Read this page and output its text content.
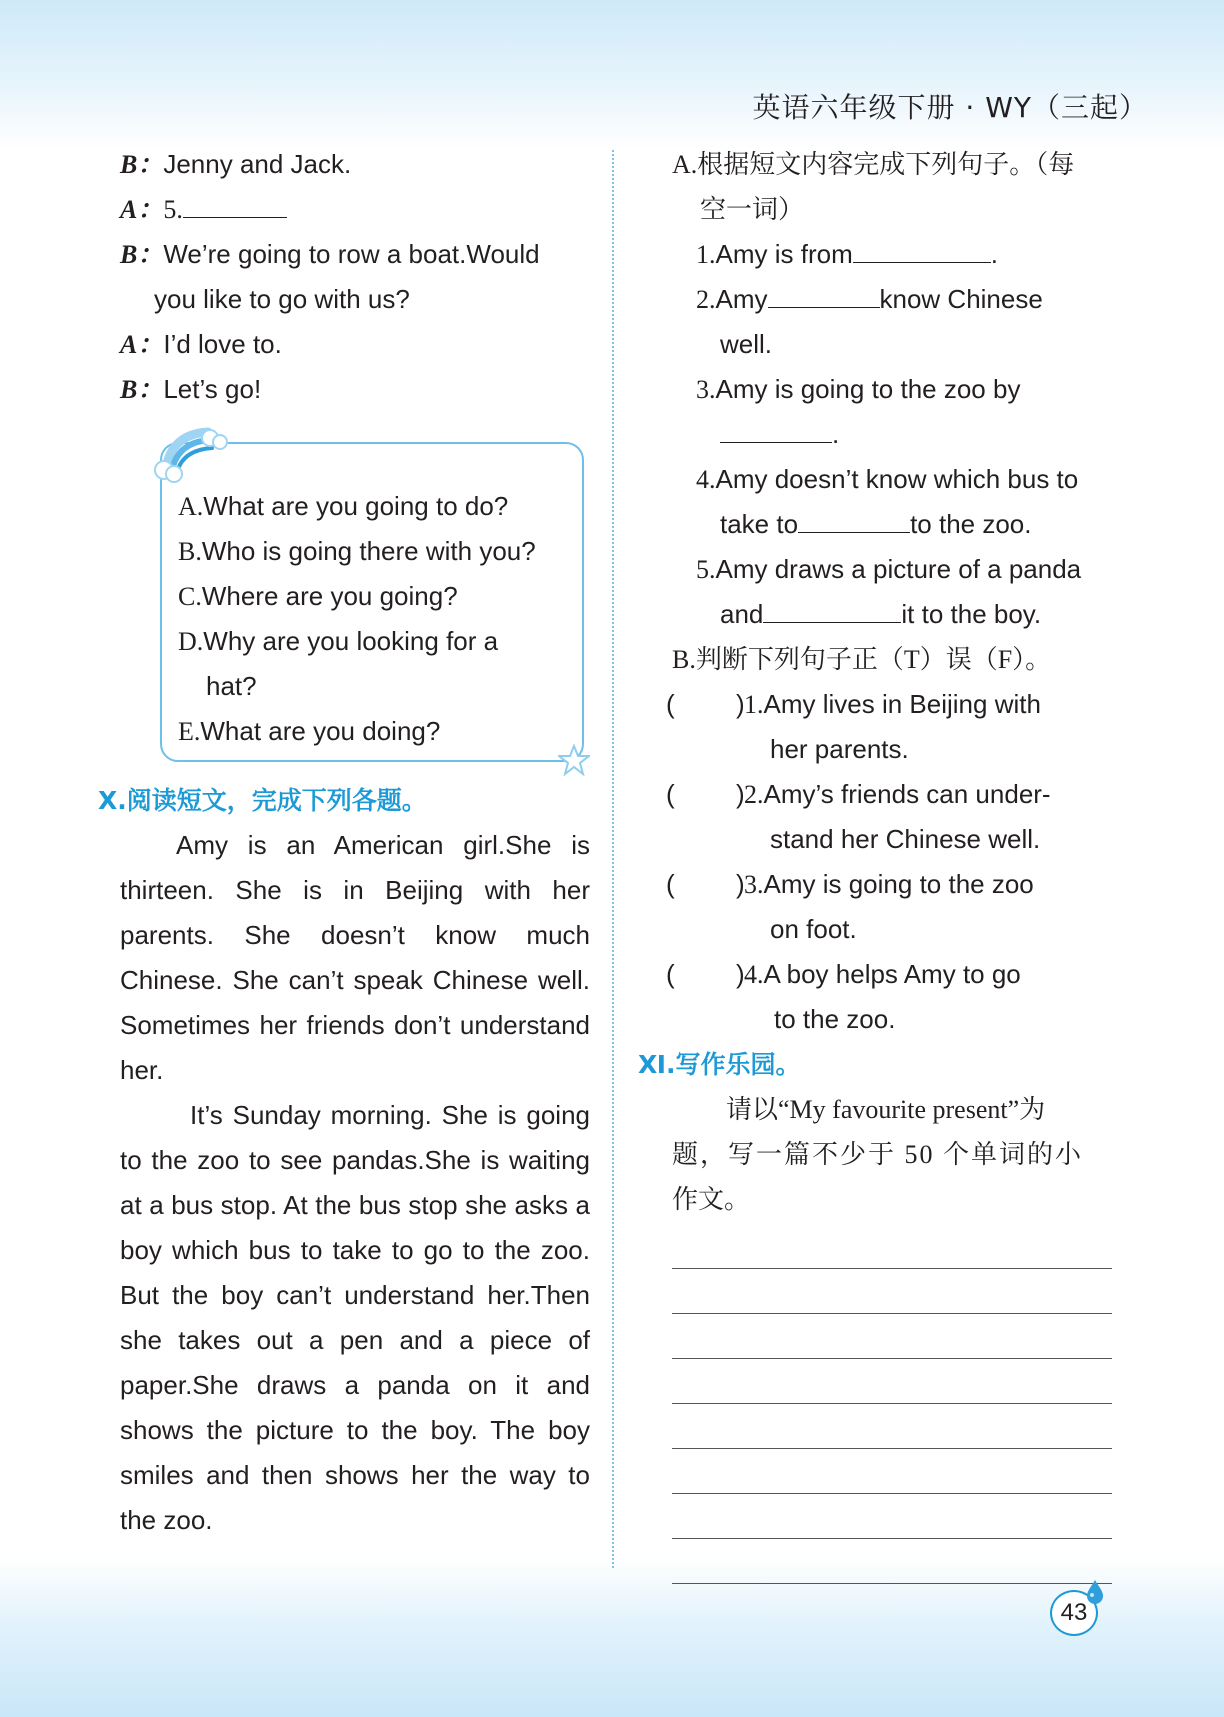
英语六年级下册 · WY（三起）
B：Jenny and Jack.
A：5.
B：We’re going to row a boat.Would
you like to go with us?
A：I’d love to.
B：Let’s go!
A.What are you going to do?
B.Who is going there with you?
C.Where are you going?
D.Why are you looking for a
hat?
E.What are you doing?
Ⅹ.阅读短文，完成下列各题。

Amy is an American girl.She is thirteen. She is in Beijing with her parents. She doesn’t know much Chinese. She can’t speak Chinese well. Sometimes her friends don’t understand her.

It’s Sunday morning. She is going to the zoo to see pandas.She is waiting at a bus stop. At the bus stop she asks a boy which bus to take to go to the zoo. But the boy can’t understand her.Then she takes out a pen and a piece of paper.She draws a panda on it and shows the picture to the boy. The boy smiles and then shows her the way to the zoo.

A.根据短文内容完成下列句子。（每
空一词）
1.Amy is from	.
2.Amy	know Chinese
well.
3.Amy is going to the zoo by
.
4.Amy doesn’t know which bus to
take to	to the zoo.
5.Amy draws a picture of a panda
and	it to the boy.
B.判断下列句子正（T）误（F）。
( ) 1.Amy lives in Beijing with
her parents.
( ) 2.Amy’s friends can under-
stand her Chinese well.
( ) 3.Amy is going to the zoo
on foot.
( ) 4.A boy helps Amy to go
to the zoo.
Ⅺ.写作乐园。
请以“My favourite present”为
题，写一篇不少于 50 个单词的小
作文。
43
